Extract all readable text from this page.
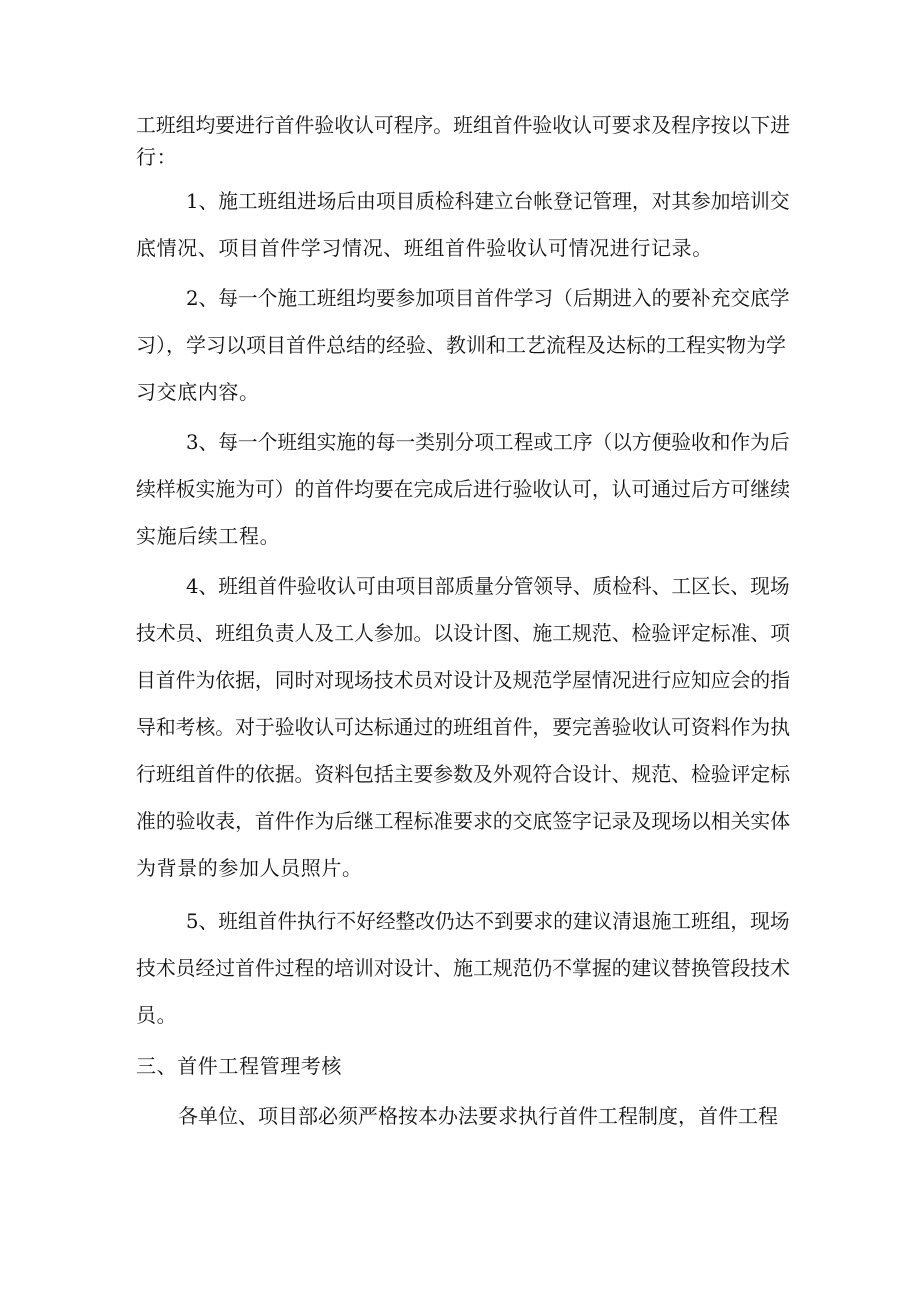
工班组均要进行首件验收认可程序。班组首件验收认可要求及程序按以下进
行：
1、施工班组进场后由项目质检科建立台帐登记管理，对其参加培训交
底情况、项目首件学习情况、班组首件验收认可情况进行记录。
2、每一个施工班组均要参加项目首件学习（后期进入的要补充交底学
习），学习以项目首件总结的经验、教训和工艺流程及达标的工程实物为学
习交底内容。
3、每一个班组实施的每一类别分项工程或工序（以方便验收和作为后
续样板实施为可）的首件均要在完成后进行验收认可，认可通过后方可继续
实施后续工程。
4、班组首件验收认可由项目部质量分管领导、质检科、工区长、现场
技术员、班组负责人及工人参加。以设计图、施工规范、检验评定标准、项
目首件为依据，同时对现场技术员对设计及规范学屋情况进行应知应会的指
导和考核。对于验收认可达标通过的班组首件，要完善验收认可资料作为执
行班组首件的依据。资料包括主要参数及外观符合设计、规范、检验评定标
准的验收表，首件作为后继工程标准要求的交底签字记录及现场以相关实体
为背景的参加人员照片。
5、班组首件执行不好经整改仍达不到要求的建议清退施工班组，现场
技术员经过首件过程的培训对设计、施工规范仍不掌握的建议替换管段技术
员。
三、首件工程管理考核
各单位、项目部必须严格按本办法要求执行首件工程制度，首件工程
